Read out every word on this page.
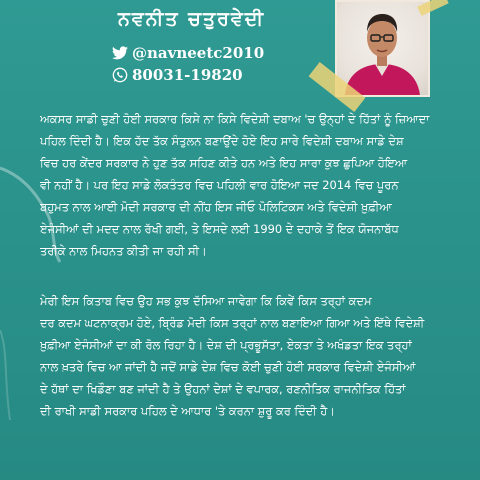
ਨਵਨੀਤ ਚਤੁਰਵੇਦੀ
@navneetc2010
80031-19820
ਅਕਸਰ ਸਾਡੀ ਚੁਣੀ ਹੋਈ ਸਰਕਾਰ ਕਿਸੇ ਨਾ ਕਿਸੇ ਵਿਦੇਸ਼ੀ ਦਬਾਅ 'ਚ ਉਨ੍ਹਾਂ ਦੇ ਹਿੱਤਾਂ ਨੂੰ ਜ਼ਿਆਦਾ
ਪਹਿਲ ਦਿੰਦੀ ਹੈ। ਇਕ ਹੱਦ ਤੱਕ ਸੰਤੁਲਨ ਬਣਾਉਂਦੇ ਹੋਏ ਇਹ ਸਾਰੇ ਵਿਦੇਸ਼ੀ ਦਬਾਅ ਸਾਡੇ ਦੇਸ਼
ਵਿਚ ਹਰ ਕੇਂਦਰ ਸਰਕਾਰ ਨੇ ਹੁਣ ਤੱਕ ਸਹਿਣ ਕੀਤੇ ਹਨ ਅਤੇ ਇਹ ਸਾਰਾ ਕੁਝ ਛੁਪਿਆ ਹੋਇਆ
ਵੀ ਨਹੀਂ ਹੈ। ਪਰ ਇਹ ਸਾਡੇ ਲੋਕਤੰਤਰ ਵਿਚ ਪਹਿਲੀ ਵਾਰ ਹੋਇਆ ਜਦ 2014 ਵਿਚ ਪੂਰਨ
ਬਹੁਮਤ ਨਾਲ ਆਈ ਮੋਦੀ ਸਰਕਾਰ ਦੀ ਨੀਂਹ ਇਸ ਜੀਓ ਪੋਲਿਟਿਕਸ ਅਤੇ ਵਿਦੇਸ਼ੀ ਖ਼ੁਫ਼ੀਆ
ਏਜੰਸੀਆਂ ਦੀ ਮਦਦ ਨਾਲ ਰੱਖੀ ਗਈ, ਤੇ ਇਸਦੇ ਲਈ 1990 ਦੇ ਦਹਾਕੇ ਤੋਂ ਇਕ ਯੋਜਨਾਬੱਧ
ਤਰੀਕੇ ਨਾਲ ਮਿਹਨਤ ਕੀਤੀ ਜਾ ਰਹੀ ਸੀ।
ਮੇਰੀ ਇਸ ਕਿਤਾਬ ਵਿਚ ਉਹ ਸਭ ਕੁਝ ਦੱਸਿਆ ਜਾਵੇਗਾ ਕਿ ਕਿਵੇਂ ਕਿਸ ਤਰ੍ਹਾਂ ਕਦਮ
ਦਰ ਕਦਮ ਘਟਨਾਕ੍ਰਮ ਹੋਏ, ਬ੍ਰਿੰਡ ਮੋਦੀ ਕਿਸ ਤਰ੍ਹਾਂ ਨਾਲ ਬਣਾਇਆ ਗਿਆ ਅਤੇ ਇੱਥੇ ਵਿਦੇਸ਼ੀ
ਖ਼ੁਫ਼ੀਆ ਏਜੰਸੀਆਂ ਦਾ ਕੀ ਰੋਲ ਰਿਹਾ ਹੈ। ਦੇਸ਼ ਦੀ ਪ੍ਰਭੂਸੱਤਾ, ਏਕਤਾ ਤੇ ਅਖੰਡਤਾ ਇਕ ਤਰ੍ਹਾਂ
ਨਾਲ ਖ਼ਤਰੇ ਵਿਚ ਆ ਜਾਂਦੀ ਹੈ ਜਦੋਂ ਸਾਡੇ ਦੇਸ਼ ਵਿਚ ਕੋਈ ਚੁਣੀ ਹੋਈ ਸਰਕਾਰ ਵਿਦੇਸ਼ੀ ਏਜੰਸੀਆਂ
ਦੇ ਹੱਥਾਂ ਦਾ ਖਿਡੌਣਾ ਬਣ ਜਾਂਦੀ ਹੈ ਤੇ ਉਹਨਾਂ ਦੇਸ਼ਾਂ ਦੇ ਵਪਾਰਕ, ਰਣਨੀਤਿਕ ਰਾਜਨੀਤਿਕ ਹਿੱਤਾਂ
ਦੀ ਰਾਖੀ ਸਾਡੀ ਸਰਕਾਰ ਪਹਿਲ ਦੇ ਆਧਾਰ 'ਤੇ ਕਰਨਾ ਸ਼ੁਰੂ ਕਰ ਦਿੰਦੀ ਹੈ।
